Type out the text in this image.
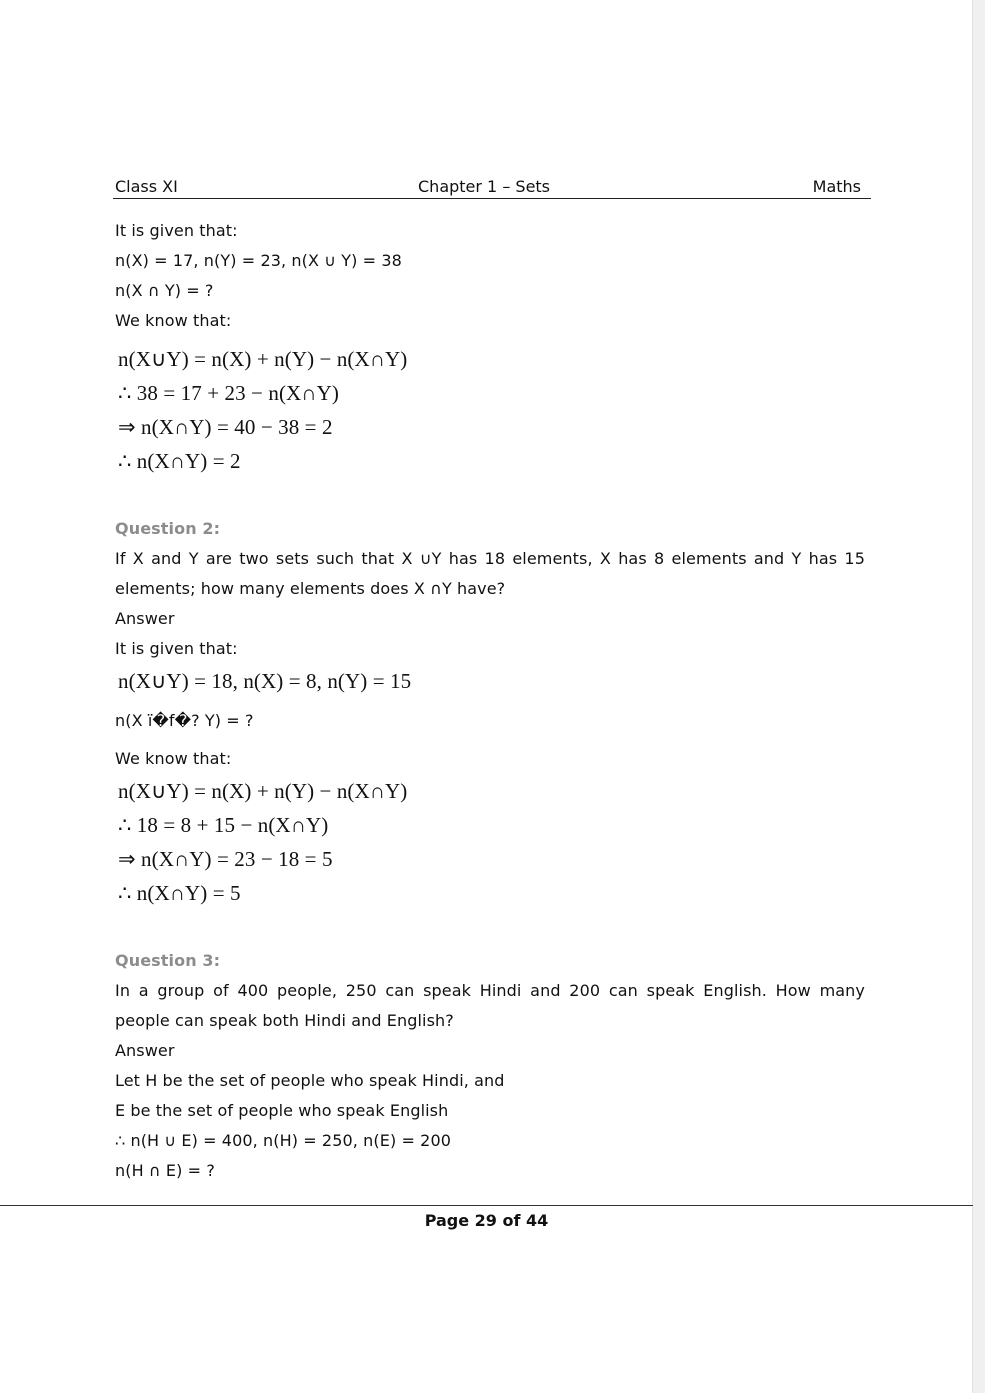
Class XI	Chapter 1 – Sets	Maths
It is given that:
n(X) = 17, n(Y) = 23, n(X ∪ Y) = 38
n(X ∩ Y) = ?
We know that:
n(X∪Y) = n(X) + n(Y) − n(X∩Y)
∴ 38 = 17 + 23 − n(X∩Y)
⇒ n(X∩Y) = 40 − 38 = 2
∴ n(X∩Y) = 2
Question 2:
If X and Y are two sets such that X ∪Y has 18 elements, X has 8 elements and Y has 15 elements; how many elements does X ∩Y have?
Answer
It is given that:
n(X∪Y) = 18, n(X) = 8, n(Y) = 15
n(X ï�f�? Y) = ?
We know that:
n(X∪Y) = n(X) + n(Y) − n(X∩Y)
∴ 18 = 8 + 15 − n(X∩Y)
⇒ n(X∩Y) = 23 − 18 = 5
∴ n(X∩Y) = 5
Question 3:
In a group of 400 people, 250 can speak Hindi and 200 can speak English. How many people can speak both Hindi and English?
Answer
Let H be the set of people who speak Hindi, and
E be the set of people who speak English
∴ n(H ∪ E) = 400, n(H) = 250, n(E) = 200
n(H ∩ E) = ?
Page 29 of 44
